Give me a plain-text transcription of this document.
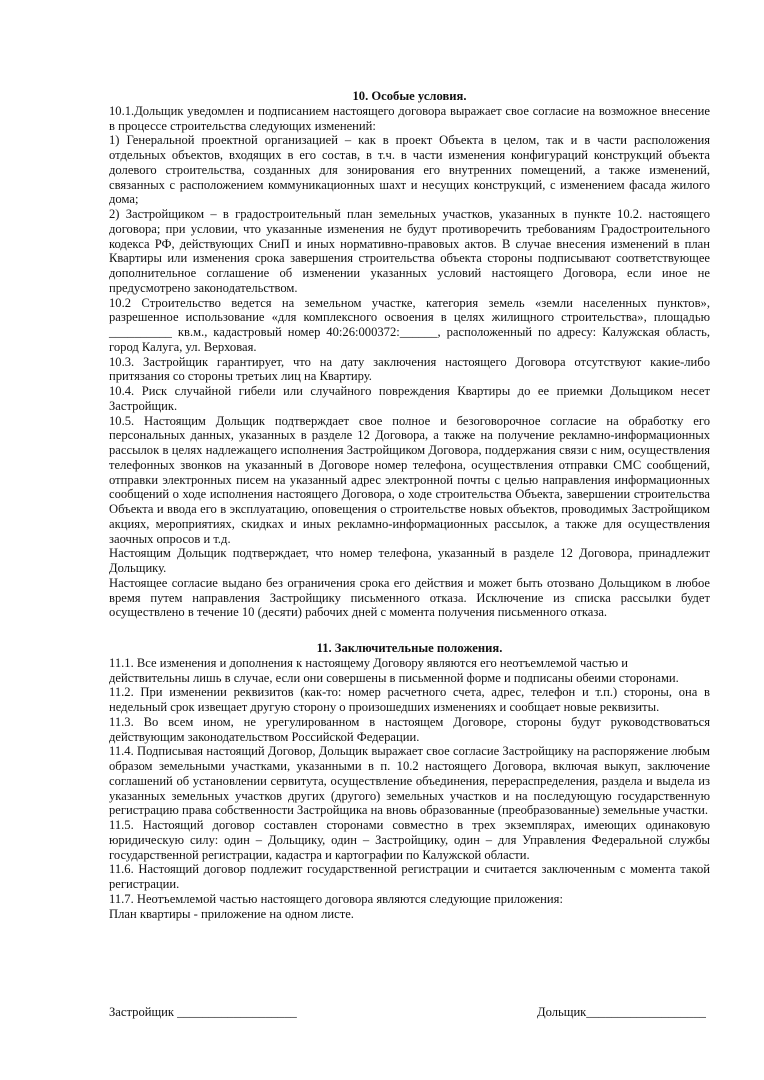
10. Особые условия.

10.1.Дольщик уведомлен и подписанием настоящего договора выражает свое согласие на возможное внесение в процессе строительства следующих изменений:

1) Генеральной проектной организацией – как в проект Объекта в целом, так и в части расположения отдельных объектов, входящих в его состав, в т.ч. в части изменения конфигураций конструкций объекта долевого строительства, созданных для зонирования его внутренних помещений, а также изменений, связанных с расположением коммуникационных шахт и несущих конструкций, с изменением фасада жилого дома;

2) Застройщиком – в градостроительный план земельных участков, указанных в пункте 10.2. настоящего договора; при условии, что указанные изменения не будут противоречить требованиям Градостроительного кодекса РФ, действующих СниП и иных нормативно-правовых актов. В случае внесения изменений в план Квартиры или изменения срока завершения строительства объекта стороны подписывают соответствующее дополнительное соглашение об изменении указанных условий настоящего Договора, если иное не предусмотрено законодательством.

10.2 Строительство ведется на земельном участке, категория земель «земли населенных пунктов», разрешенное использование «для комплексного освоения в целях жилищного строительства», площадью __________ кв.м., кадастровый номер 40:26:000372:______, расположенный по адресу: Калужская область, город Калуга, ул. Верховая.

10.3. Застройщик гарантирует, что на дату заключения настоящего Договора отсутствуют какие-либо притязания со стороны третьих лиц на Квартиру.

10.4. Риск случайной гибели или случайного повреждения Квартиры до ее приемки Дольщиком несет Застройщик.

10.5. Настоящим Дольщик подтверждает свое полное и безоговорочное согласие на обработку его персональных данных, указанных в разделе 12 Договора, а также на получение рекламно-информационных рассылок в целях надлежащего исполнения Застройщиком Договора, поддержания связи с ним, осуществления телефонных звонков на указанный в Договоре номер телефона, осуществления отправки СМС сообщений, отправки электронных писем на указанный адрес электронной почты с целью направления информационных сообщений о ходе исполнения настоящего Договора, о ходе строительства Объекта, завершении строительства Объекта и ввода его в эксплуатацию, оповещения о строительстве новых объектов, проводимых Застройщиком акциях, мероприятиях, скидках и иных рекламно-информационных рассылок, а также для осуществления заочных опросов и т.д.

Настоящим Дольщик подтверждает, что номер телефона, указанный в разделе 12 Договора, принадлежит Дольщику.

Настоящее согласие выдано без ограничения срока его действия и может быть отозвано Дольщиком в любое время путем направления Застройщику письменного отказа. Исключение из списка рассылки будет осуществлено в течение 10 (десяти) рабочих дней с момента получения письменного отказа.

11. Заключительные положения.

11.1. Все изменения и дополнения к настоящему Договору являются его неотъемлемой частью и

действительны лишь в случае, если они совершены в письменной форме и подписаны обеими сторонами.

11.2. При изменении реквизитов (как-то: номер расчетного счета, адрес, телефон и т.п.) стороны, она в недельный срок извещает другую сторону о произошедших изменениях и сообщает новые реквизиты.

11.3. Во всем ином, не урегулированном в настоящем Договоре, стороны будут руководствоваться действующим законодательством Российской Федерации.

11.4. Подписывая настоящий Договор, Дольщик выражает свое согласие Застройщику на распоряжение любым образом земельными участками, указанными в п. 10.2 настоящего Договора, включая выкуп, заключение соглашений об установлении сервитута, осуществление объединения, перераспределения, раздела и выдела из указанных земельных участков других (другого) земельных участков и на последующую государственную регистрацию права собственности Застройщика на вновь образованные (преобразованные) земельные участки.

11.5. Настоящий договор составлен сторонами совместно в трех экземплярах, имеющих одинаковую юридическую силу: один – Дольщику, один – Застройщику, один – для Управления Федеральной службы государственной регистрации, кадастра и картографии по Калужской области.

11.6. Настоящий договор подлежит государственной регистрации и считается заключенным с момента такой регистрации.

11.7. Неотъемлемой частью настоящего договора являются следующие приложения:

План квартиры - приложение на одном листе.

Застройщик ___________________	Дольщик___________________
